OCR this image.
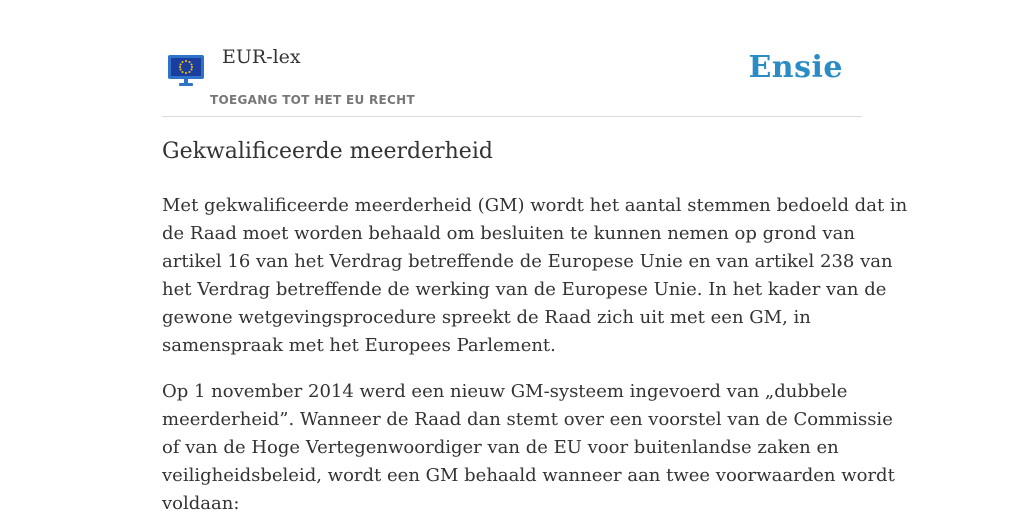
EUR-lex
TOEGANG TOT HET EU RECHT
Ensie
Gekwalificeerde meerderheid

Met gekwalificeerde meerderheid (GM) wordt het aantal stemmen bedoeld dat in
de Raad moet worden behaald om besluiten te kunnen nemen op grond van
artikel 16 van het Verdrag betreffende de Europese Unie en van artikel 238 van
het Verdrag betreffende de werking van de Europese Unie. In het kader van de
gewone wetgevingsprocedure spreekt de Raad zich uit met een GM, in
samenspraak met het Europees Parlement.

Op 1 november 2014 werd een nieuw GM-systeem ingevoerd van „dubbele
meerderheid”. Wanneer de Raad dan stemt over een voorstel van de Commissie
of van de Hoge Vertegenwoordiger van de EU voor buitenlandse zaken en
veiligheidsbeleid, wordt een GM behaald wanneer aan twee voorwaarden wordt
voldaan:
